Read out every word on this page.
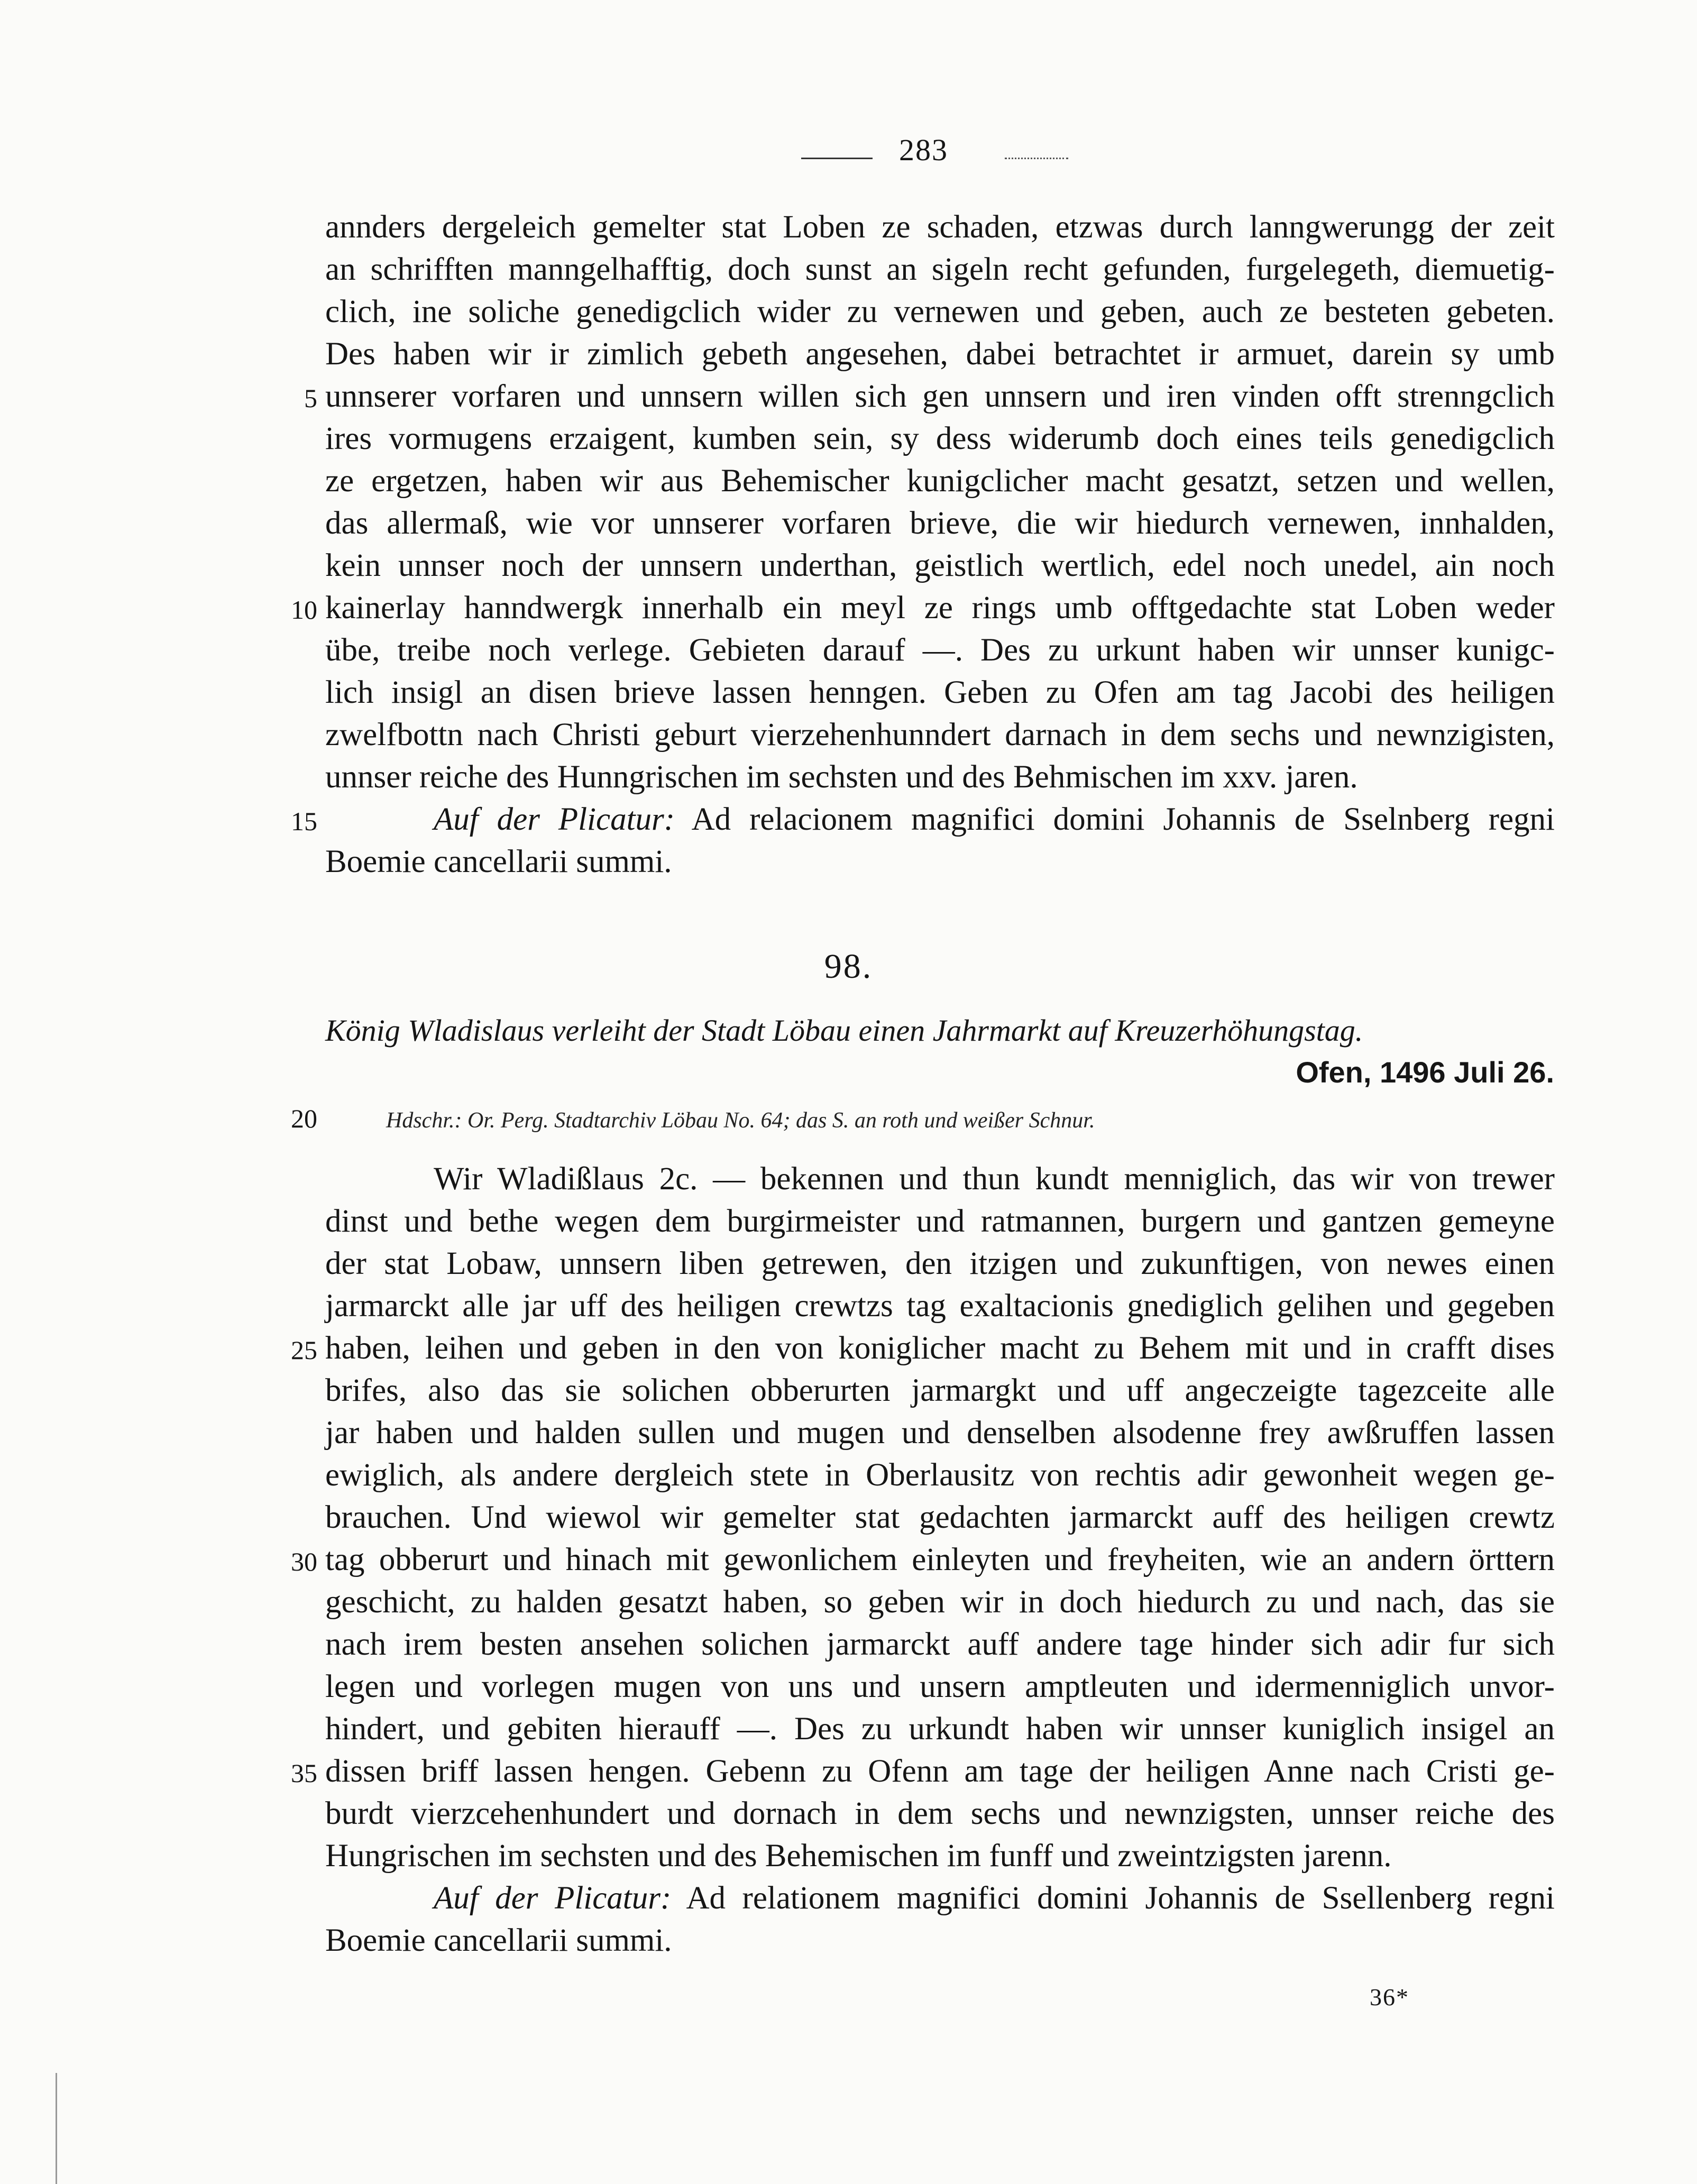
283
annders dergeleich gemelter stat Loben ze schaden, etzwas durch lanngwerungg der zeit
an schrifften manngelhafftig, doch sunst an sigeln recht gefunden, furgelegeth, diemuetig-
clich, ine soliche genedigclich wider zu vernewen und geben, auch ze besteten gebeten.
Des haben wir ir zimlich gebeth angesehen, dabei betrachtet ir armuet, darein sy umb
5 unnserer vorfaren und unnsern willen sich gen unnsern und iren vinden offt strenngclich
ires vormugens erzaigent, kumben sein, sy dess widerumb doch eines teils genedigclich
ze ergetzen, haben wir aus Behemischer kunigclicher macht gesatzt, setzen und wellen,
das allermaß, wie vor unnserer vorfaren brieve, die wir hiedurch vernewen, innhalden,
kein unnser noch der unnsern underthan, geistlich wertlich, edel noch unedel, ain noch
10 kainerlay hanndwergk innerhalb ein meyl ze rings umb offtgedachte stat Loben weder
übe, treibe noch verlege. Gebieten darauf —. Des zu urkunt haben wir unnser kunigc-
lich insigl an disen brieve lassen henngen. Geben zu Ofen am tag Jacobi des heiligen
zwelfbottn nach Christi geburt vierzehenhunndert darnach in dem sechs und newnzigisten,
unnser reiche des Hunngrischen im sechsten und des Behmischen im xxv. jaren.
15	Auf der Plicatur: Ad relacionem magnifici domini Johannis de Sselnberg regni
Boemie cancellarii summi.
98.
König Wladislaus verleiht der Stadt Löbau einen Jahrmarkt auf Kreuzerhöhungstag.
Ofen, 1496 Juli 26.
20	Hdschr.: Or. Perg. Stadtarchiv Löbau No. 64; das S. an roth und weißer Schnur.
Wir Wladißlaus 2c. — bekennen und thun kundt menniglich, das wir von trewer
dinst und bethe wegen dem burgirmeister und ratmannen, burgern und gantzen gemeyne
der stat Lobaw, unnsern liben getrewen, den itzigen und zukunftigen, von newes einen
jarmarckt alle jar uff des heiligen crewtzs tag exaltacionis gnediglich gelihen und gegeben
25 haben, leihen und geben in den von koniglicher macht zu Behem mit und in crafft dises
brifes, also das sie solichen obberurten jarmargkt und uff angeczeigte tagezceite alle
jar haben und halden sullen und mugen und denselben alsodenne frey awßruffen lassen
ewiglich, als andere dergleich stete in Oberlausitz von rechtis adir gewonheit wegen ge-
brauchen. Und wiewol wir gemelter stat gedachten jarmarckt auff des heiligen crewtz
30 tag obberurt und hinach mit gewonlichem einleyten und freyheiten, wie an andern örttern
geschicht, zu halden gesatzt haben, so geben wir in doch hiedurch zu und nach, das sie
nach irem besten ansehen solichen jarmarckt auff andere tage hinder sich adir fur sich
legen und vorlegen mugen von uns und unsern amptleuten und idermenniglich unvor-
hindert, und gebiten hierauff —. Des zu urkundt haben wir unnser kuniglich insigel an
35 dissen briff lassen hengen. Gebenn zu Ofenn am tage der heiligen Anne nach Cristi ge-
burdt vierzcehenhundert und dornach in dem sechs und newnzigsten, unnser reiche des
Hungrischen im sechsten und des Behemischen im funff und zweintzigsten jarenn.
Auf der Plicatur: Ad relationem magnifici domini Johannis de Ssellenberg regni
Boemie cancellarii summi.
36*
